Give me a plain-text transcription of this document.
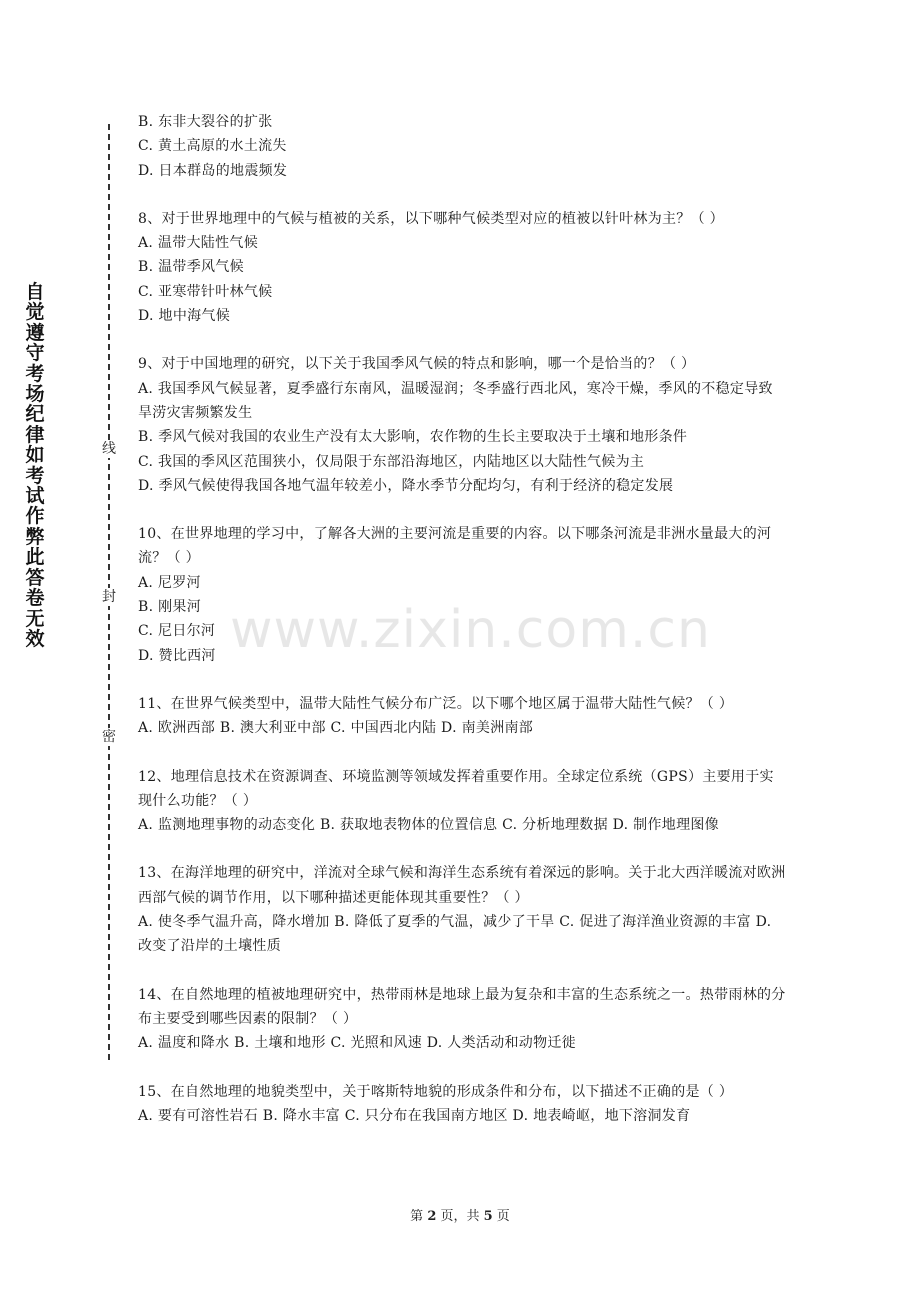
自觉遵守考场纪律如考试作弊此答卷无效
线
封
密
www.zixin.com.cn

B. 东非大裂谷的扩张

C. 黄土高原的水土流失

D. 日本群岛的地震频发

8、对于世界地理中的气候与植被的关系，以下哪种气候类型对应的植被以针叶林为主？（ ）

A. 温带大陆性气候

B. 温带季风气候

C. 亚寒带针叶林气候

D. 地中海气候

9、对于中国地理的研究，以下关于我国季风气候的特点和影响，哪一个是恰当的？（ ）

A. 我国季风气候显著，夏季盛行东南风，温暖湿润；冬季盛行西北风，寒冷干燥，季风的不稳定导致旱涝灾害频繁发生

B. 季风气候对我国的农业生产没有太大影响，农作物的生长主要取决于土壤和地形条件

C. 我国的季风区范围狭小，仅局限于东部沿海地区，内陆地区以大陆性气候为主

D. 季风气候使得我国各地气温年较差小，降水季节分配均匀，有利于经济的稳定发展

10、在世界地理的学习中，了解各大洲的主要河流是重要的内容。以下哪条河流是非洲水量最大的河流？（ ）

A. 尼罗河

B. 刚果河

C. 尼日尔河

D. 赞比西河

11、在世界气候类型中，温带大陆性气候分布广泛。以下哪个地区属于温带大陆性气候？（ ）

A. 欧洲西部 B. 澳大利亚中部 C. 中国西北内陆 D. 南美洲南部

12、地理信息技术在资源调查、环境监测等领域发挥着重要作用。全球定位系统（GPS）主要用于实现什么功能？（ ）

A. 监测地理事物的动态变化 B. 获取地表物体的位置信息 C. 分析地理数据 D. 制作地理图像

13、在海洋地理的研究中，洋流对全球气候和海洋生态系统有着深远的影响。关于北大西洋暖流对欧洲西部气候的调节作用，以下哪种描述更能体现其重要性？（ ）

A. 使冬季气温升高，降水增加 B. 降低了夏季的气温，减少了干旱 C. 促进了海洋渔业资源的丰富 D. 改变了沿岸的土壤性质

14、在自然地理的植被地理研究中，热带雨林是地球上最为复杂和丰富的生态系统之一。热带雨林的分布主要受到哪些因素的限制？（ ）

A. 温度和降水 B. 土壤和地形 C. 光照和风速 D. 人类活动和动物迁徙

15、在自然地理的地貌类型中，关于喀斯特地貌的形成条件和分布，以下描述不正确的是（ ）

A. 要有可溶性岩石 B. 降水丰富 C. 只分布在我国南方地区 D. 地表崎岖，地下溶洞发育

第 2 页，共 5 页
